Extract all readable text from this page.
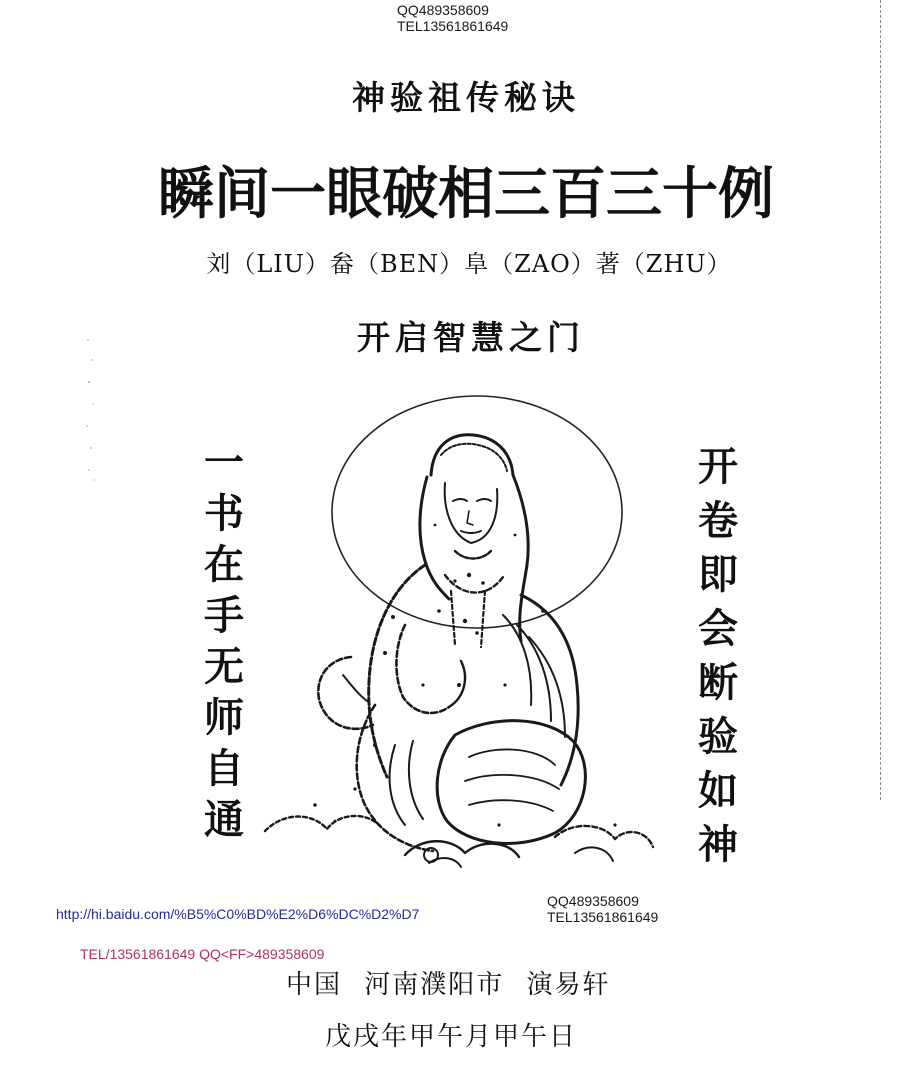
QQ489358609
TEL13561861649
神验祖传秘诀
瞬间一眼破相三百三十例
刘（LIU）畚（BEN）阜（ZAO）著（ZHU）
开启智慧之门
一
书
在
手
无
师
自
通
开
卷
即
会
断
验
如
神
QQ489358609
TEL13561861649
http://hi.baidu.com/%B5%C0%BD%E2%D6%DC%D2%D7
TEL/13561861649 QQ<FF>489358609
中国 河南濮阳市 演易轩
戊戌年甲午月甲午日
